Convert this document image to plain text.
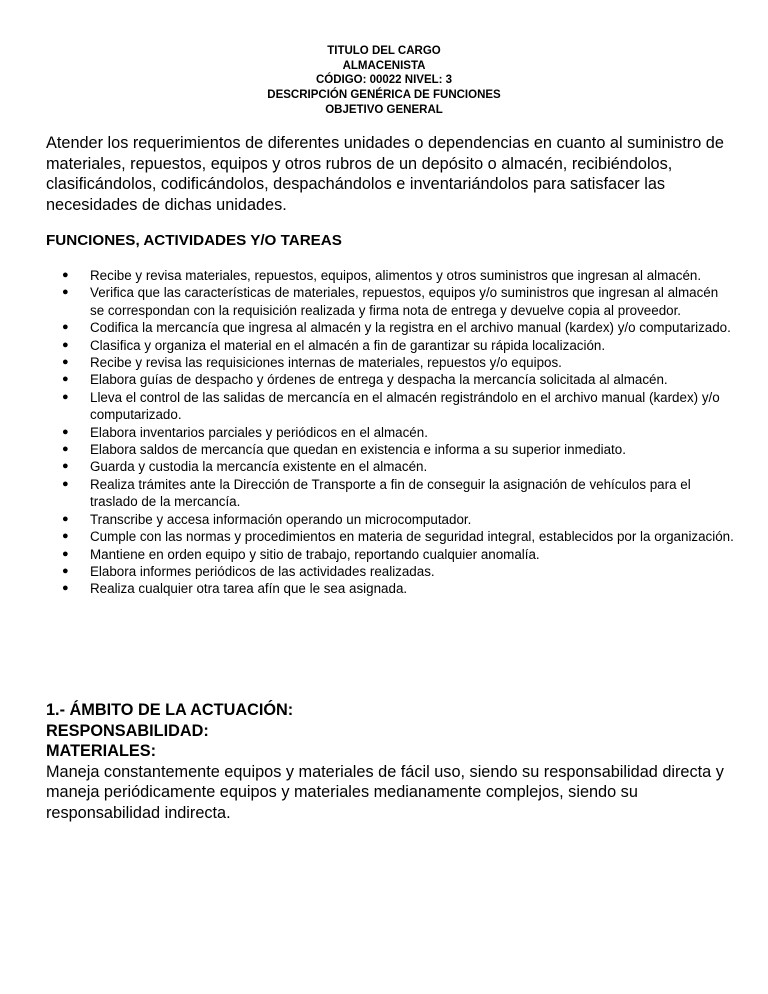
TITULO DEL CARGO
ALMACENISTA
CÓDIGO: 00022 NIVEL: 3
DESCRIPCIÓN GENÉRICA DE FUNCIONES
OBJETIVO GENERAL
Atender los requerimientos de diferentes unidades o dependencias en cuanto al suministro de materiales, repuestos, equipos y otros rubros de un depósito o almacén, recibiéndolos, clasificándolos, codificándolos, despachándolos e inventariándolos para satisfacer las necesidades de dichas unidades.
FUNCIONES, ACTIVIDADES Y/O TAREAS
● Recibe y revisa materiales, repuestos, equipos, alimentos y otros suministros que ingresan al almacén.
● Verifica que las características de materiales, repuestos, equipos y/o suministros que ingresan al almacén se correspondan con la requisición realizada y firma nota de entrega y devuelve copia al proveedor.
● Codifica la mercancía que ingresa al almacén y la registra en el archivo manual (kardex) y/o computarizado.
● Clasifica y organiza el material en el almacén a fin de garantizar su rápida localización.
● Recibe y revisa las requisiciones internas de materiales, repuestos y/o equipos.
● Elabora guías de despacho y órdenes de entrega y despacha la mercancía solicitada al almacén.
● Lleva el control de las salidas de mercancía en el almacén registrándolo en el archivo manual (kardex) y/o computarizado.
● Elabora inventarios parciales y periódicos en el almacén.
● Elabora saldos de mercancía que quedan en existencia e informa a su superior inmediato.
● Guarda y custodia la mercancía existente en el almacén.
● Realiza trámites ante la Dirección de Transporte a fin de conseguir la asignación de vehículos para el traslado de la mercancía.
● Transcribe y accesa información operando un microcomputador.
● Cumple con las normas y procedimientos en materia de seguridad integral, establecidos por la organización.
● Mantiene en orden equipo y sitio de trabajo, reportando cualquier anomalía.
● Elabora informes periódicos de las actividades realizadas.
● Realiza cualquier otra tarea afín que le sea asignada.
1.- ÁMBITO DE LA ACTUACIÓN:
RESPONSABILIDAD:
MATERIALES:
Maneja constantemente equipos y materiales de fácil uso, siendo su responsabilidad directa y maneja periódicamente equipos y materiales medianamente complejos, siendo su responsabilidad indirecta.
